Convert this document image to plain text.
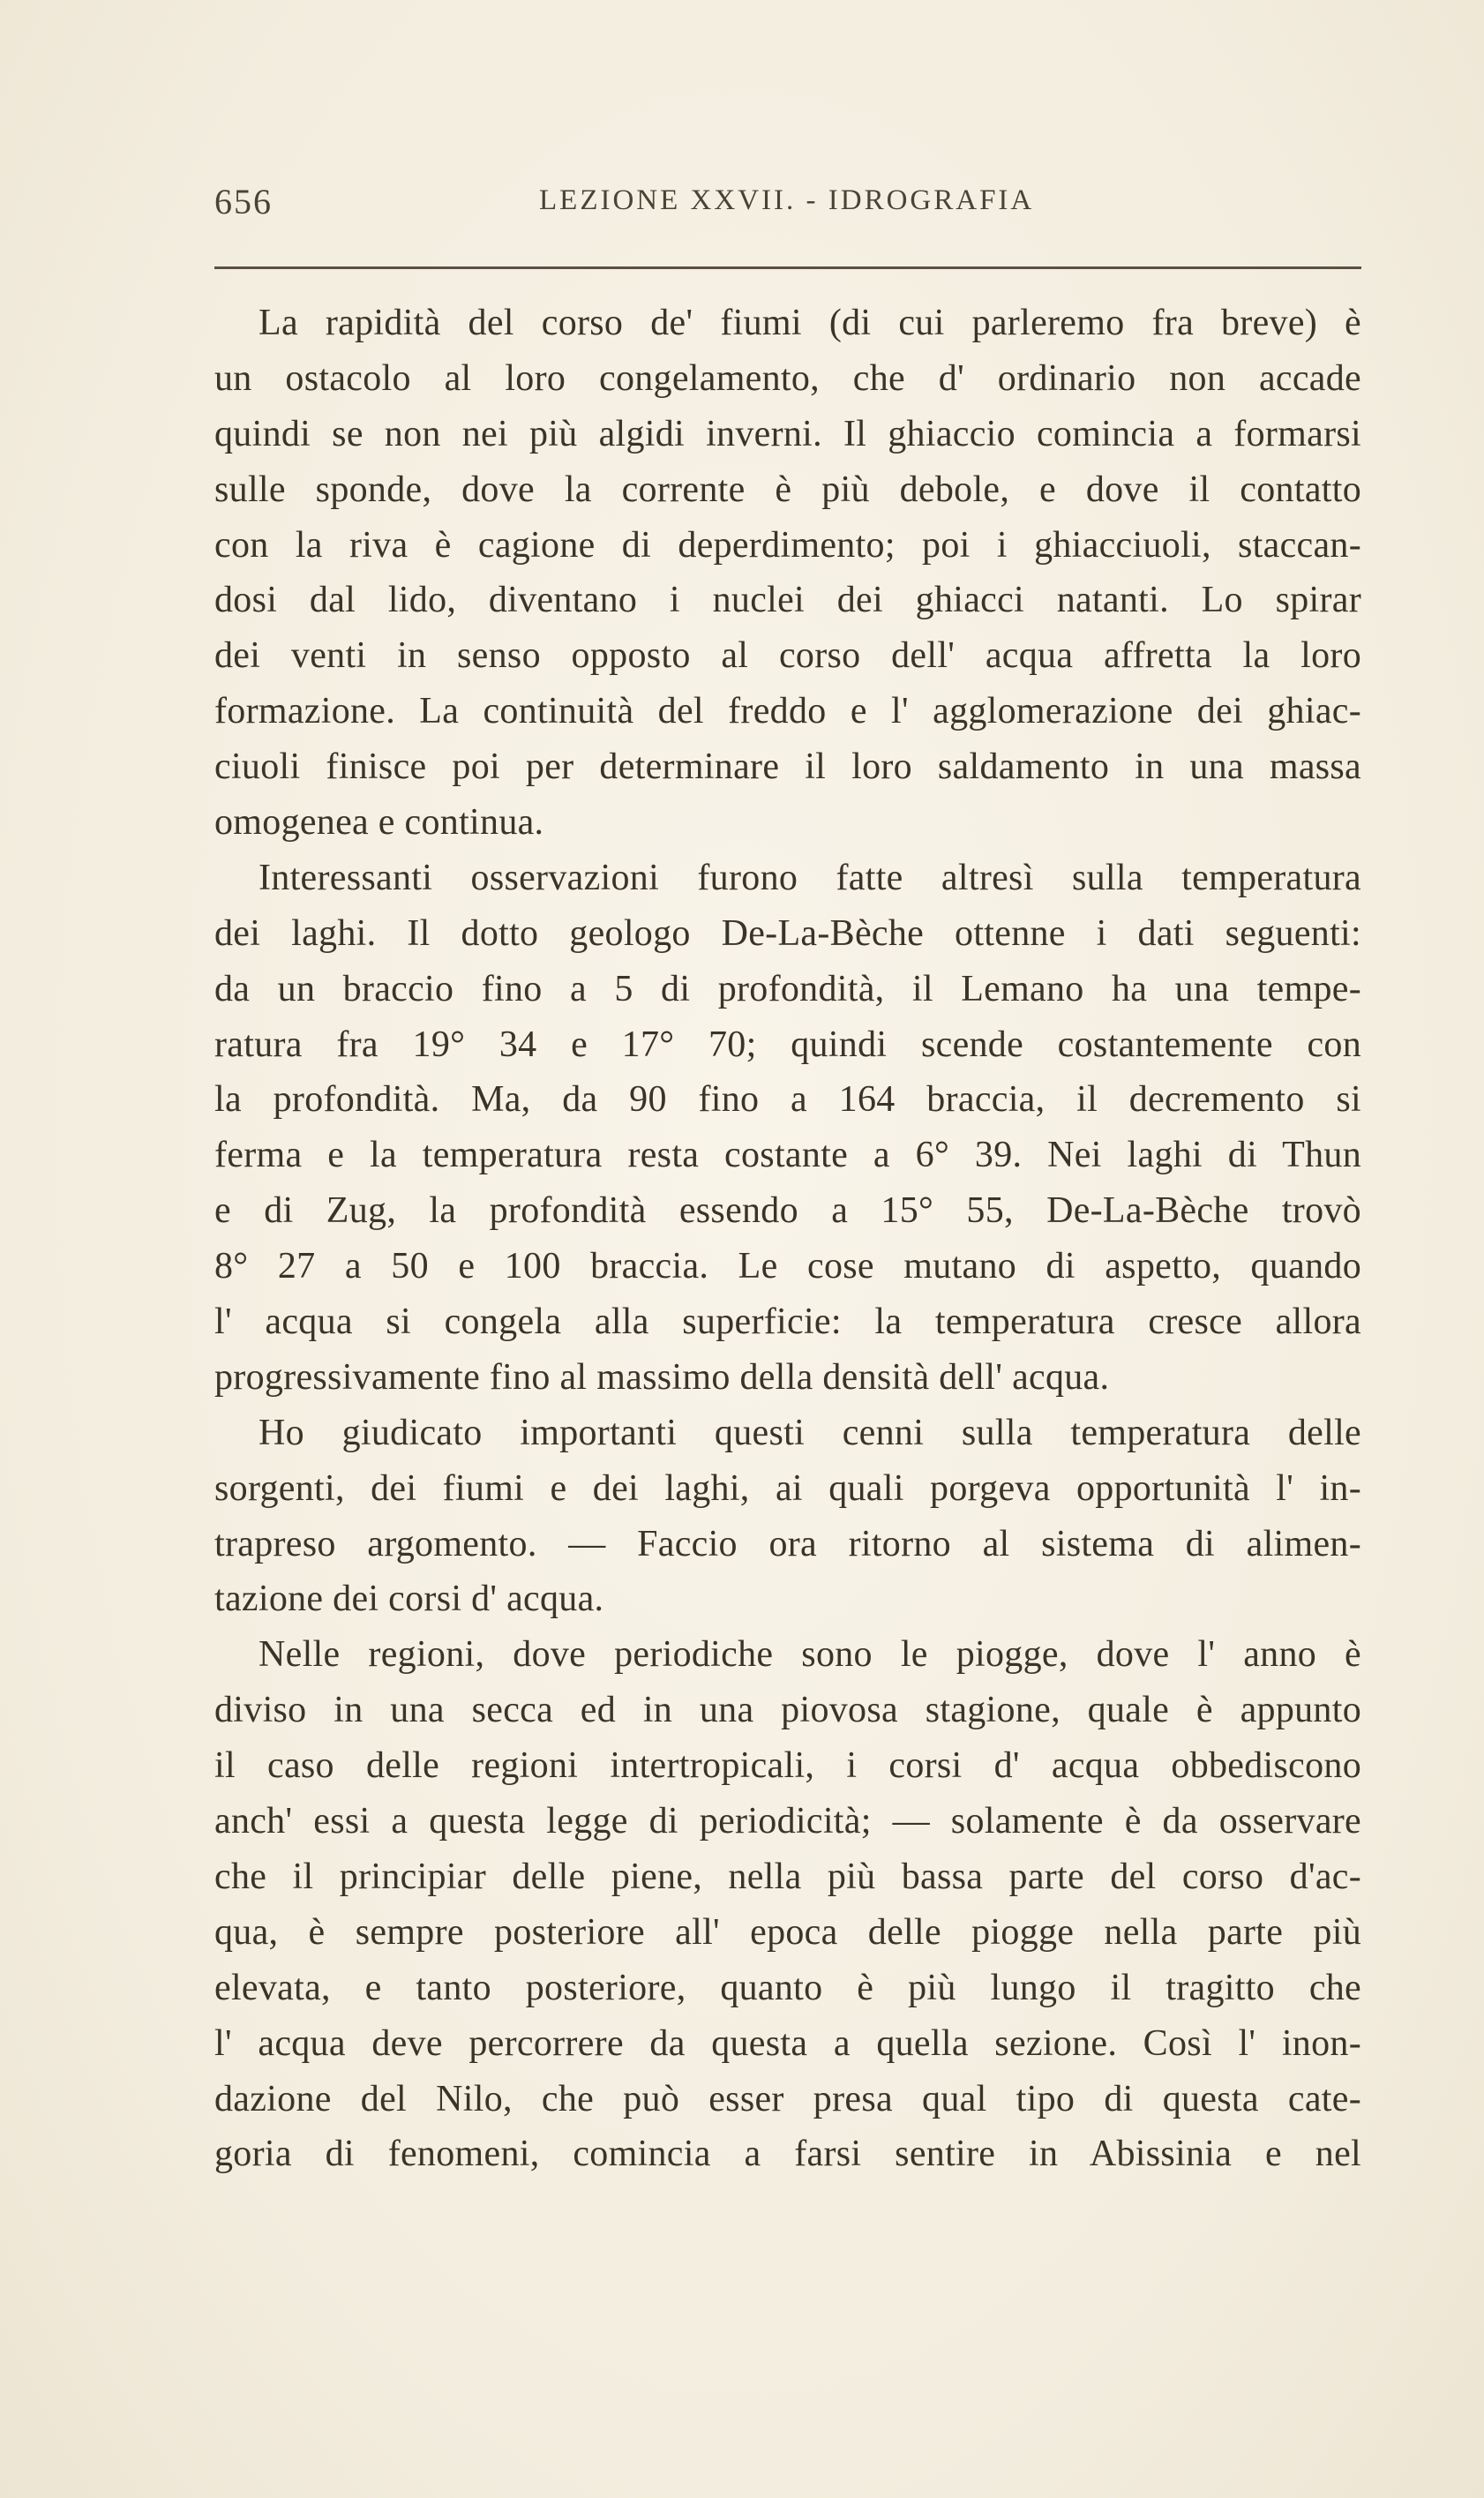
656	LEZIONE XXVII. - IDROGRAFIA
La rapidità del corso de' fiumi (di cui parleremo fra breve) è
un ostacolo al loro congelamento, che d' ordinario non accade
quindi se non nei più algidi inverni. Il ghiaccio comincia a formarsi
sulle sponde, dove la corrente è più debole, e dove il contatto
con la riva è cagione di deperdimento; poi i ghiacciuoli, staccan-
dosi dal lido, diventano i nuclei dei ghiacci natanti. Lo spirar
dei venti in senso opposto al corso dell' acqua affretta la loro
formazione. La continuità del freddo e l' agglomerazione dei ghiac-
ciuoli finisce poi per determinare il loro saldamento in una massa
omogenea e continua.
Interessanti osservazioni furono fatte altresì sulla temperatura
dei laghi. Il dotto geologo De-La-Bèche ottenne i dati seguenti:
da un braccio fino a 5 di profondità, il Lemano ha una tempe-
ratura fra 19° 34 e 17° 70; quindi scende costantemente con
la profondità. Ma, da 90 fino a 164 braccia, il decremento si
ferma e la temperatura resta costante a 6° 39. Nei laghi di Thun
e di Zug, la profondità essendo a 15° 55, De-La-Bèche trovò
8° 27 a 50 e 100 braccia. Le cose mutano di aspetto, quando
l' acqua si congela alla superficie: la temperatura cresce allora
progressivamente fino al massimo della densità dell' acqua.
Ho giudicato importanti questi cenni sulla temperatura delle
sorgenti, dei fiumi e dei laghi, ai quali porgeva opportunità l' in-
trapreso argomento. — Faccio ora ritorno al sistema di alimen-
tazione dei corsi d' acqua.
Nelle regioni, dove periodiche sono le piogge, dove l' anno è
diviso in una secca ed in una piovosa stagione, quale è appunto
il caso delle regioni intertropicali, i corsi d' acqua obbediscono
anch' essi a questa legge di periodicità; — solamente è da osservare
che il principiar delle piene, nella più bassa parte del corso d'ac-
qua, è sempre posteriore all' epoca delle piogge nella parte più
elevata, e tanto posteriore, quanto è più lungo il tragitto che
l' acqua deve percorrere da questa a quella sezione. Così l' inon-
dazione del Nilo, che può esser presa qual tipo di questa cate-
goria di fenomeni, comincia a farsi sentire in Abissinia e nel
